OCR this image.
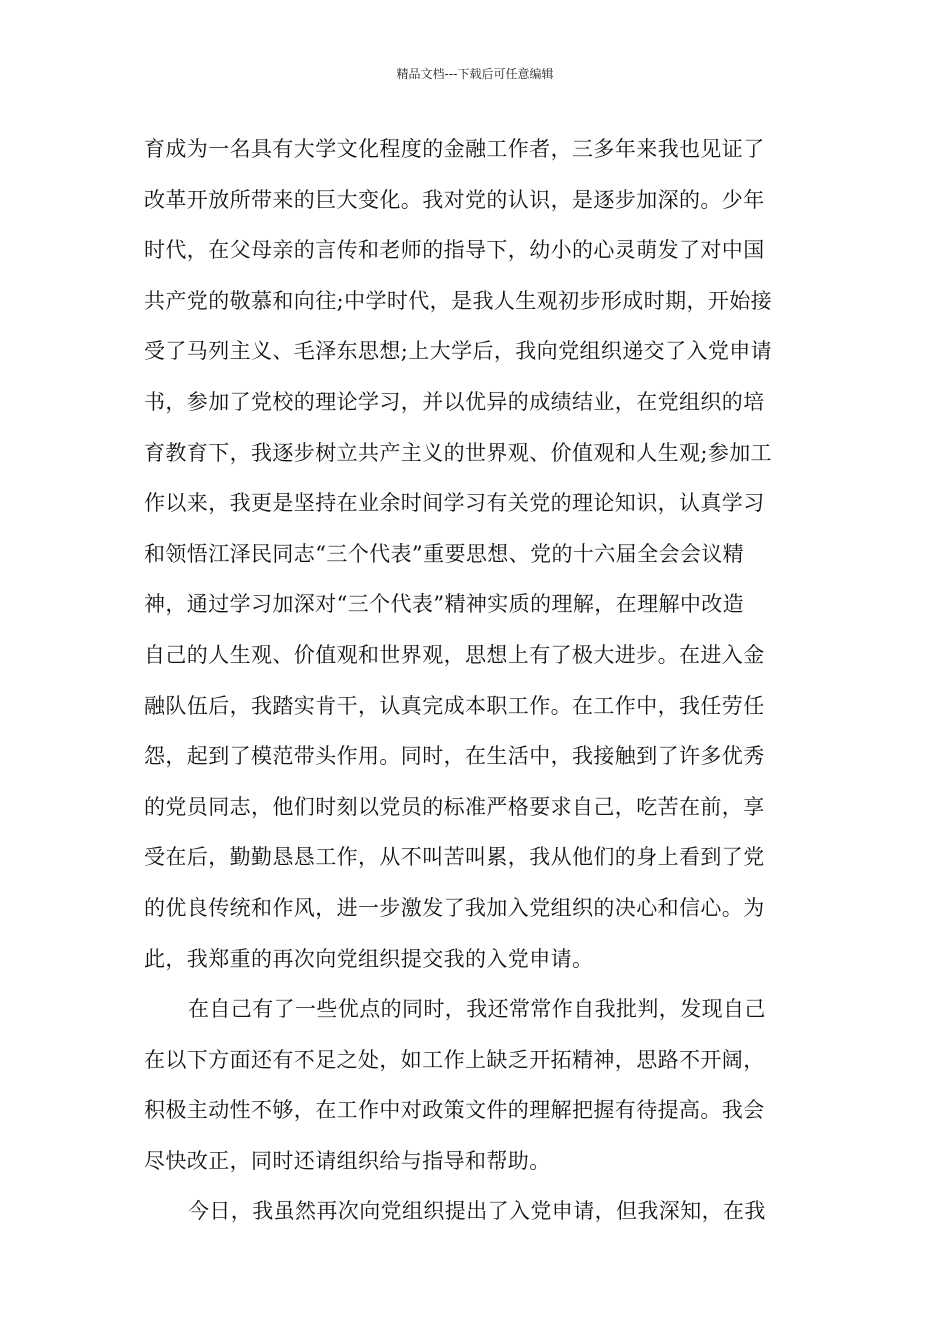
精品文档---下载后可任意编辑
育成为一名具有大学文化程度的金融工作者，三多年来我也见证了
改革开放所带来的巨大变化。我对党的认识，是逐步加深的。少年
时代，在父母亲的言传和老师的指导下，幼小的心灵萌发了对中国
共产党的敬慕和向往;中学时代，是我人生观初步形成时期，开始接
受了马列主义、毛泽东思想;上大学后，我向党组织递交了入党申请
书，参加了党校的理论学习，并以优异的成绩结业，在党组织的培
育教育下，我逐步树立共产主义的世界观、价值观和人生观;参加工
作以来，我更是坚持在业余时间学习有关党的理论知识，认真学习
和领悟江泽民同志“三个代表”重要思想、党的十六届全会会议精
神，通过学习加深对“三个代表”精神实质的理解，在理解中改造
自己的人生观、价值观和世界观，思想上有了极大进步。在进入金
融队伍后，我踏实肯干，认真完成本职工作。在工作中，我任劳任
怨，起到了模范带头作用。同时，在生活中，我接触到了许多优秀
的党员同志，他们时刻以党员的标准严格要求自己，吃苦在前，享
受在后，勤勤恳恳工作，从不叫苦叫累，我从他们的身上看到了党
的优良传统和作风，进一步激发了我加入党组织的决心和信心。为
此，我郑重的再次向党组织提交我的入党申请。
在自己有了一些优点的同时，我还常常作自我批判，发现自己
在以下方面还有不足之处，如工作上缺乏开拓精神，思路不开阔，
积极主动性不够，在工作中对政策文件的理解把握有待提高。我会
尽快改正，同时还请组织给与指导和帮助。
今日，我虽然再次向党组织提出了入党申请，但我深知，在我
